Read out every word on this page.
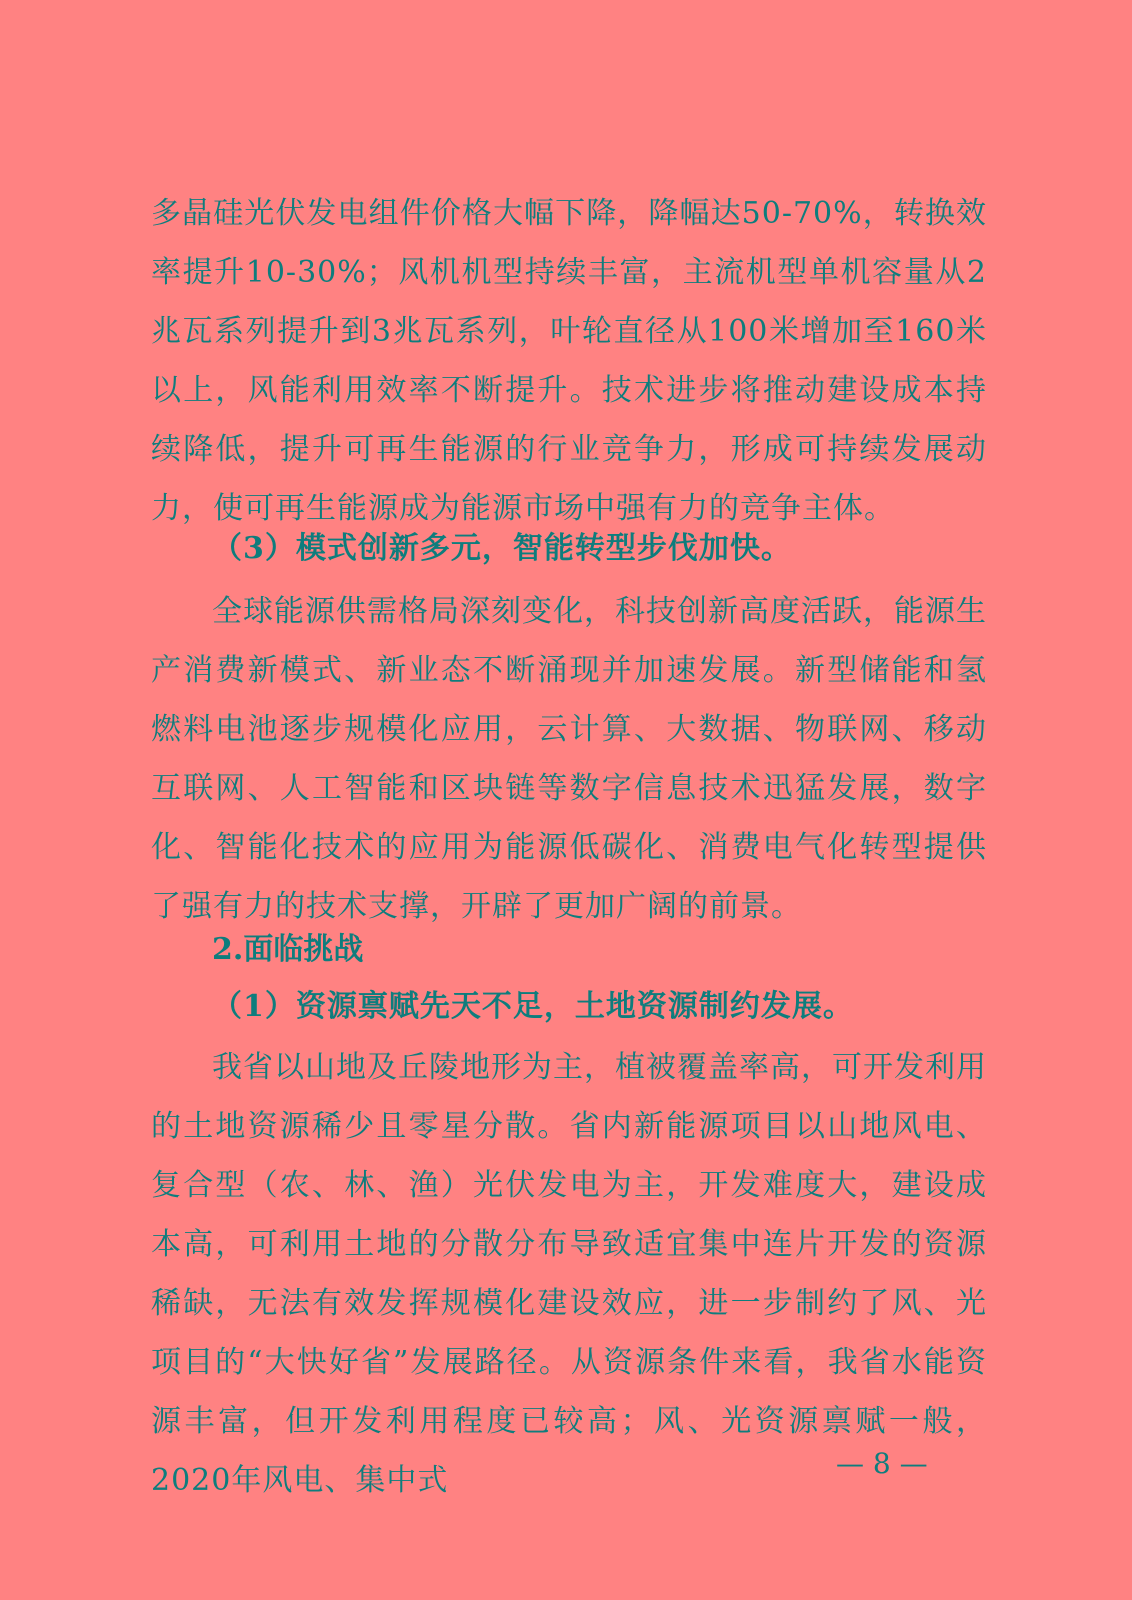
多晶硅光伏发电组件价格大幅下降，降幅达50-70%，转换效率提升10-30%；风机机型持续丰富，主流机型单机容量从2兆瓦系列提升到3兆瓦系列，叶轮直径从100米增加至160米以上，风能利用效率不断提升。技术进步将推动建设成本持续降低，提升可再生能源的行业竞争力，形成可持续发展动力，使可再生能源成为能源市场中强有力的竞争主体。

（3）模式创新多元，智能转型步伐加快。

全球能源供需格局深刻变化，科技创新高度活跃，能源生产消费新模式、新业态不断涌现并加速发展。新型储能和氢燃料电池逐步规模化应用，云计算、大数据、物联网、移动互联网、人工智能和区块链等数字信息技术迅猛发展，数字化、智能化技术的应用为能源低碳化、消费电气化转型提供了强有力的技术支撑，开辟了更加广阔的前景。

2.面临挑战

（1）资源禀赋先天不足，土地资源制约发展。

我省以山地及丘陵地形为主，植被覆盖率高，可开发利用的土地资源稀少且零星分散。省内新能源项目以山地风电、复合型（农、林、渔）光伏发电为主，开发难度大，建设成本高，可利用土地的分散分布导致适宜集中连片开发的资源稀缺，无法有效发挥规模化建设效应，进一步制约了风、光项目的“大快好省”发展路径。从资源条件来看，我省水能资源丰富，但开发利用程度已较高；风、光资源禀赋一般，2020年风电、集中式	— 8 —
